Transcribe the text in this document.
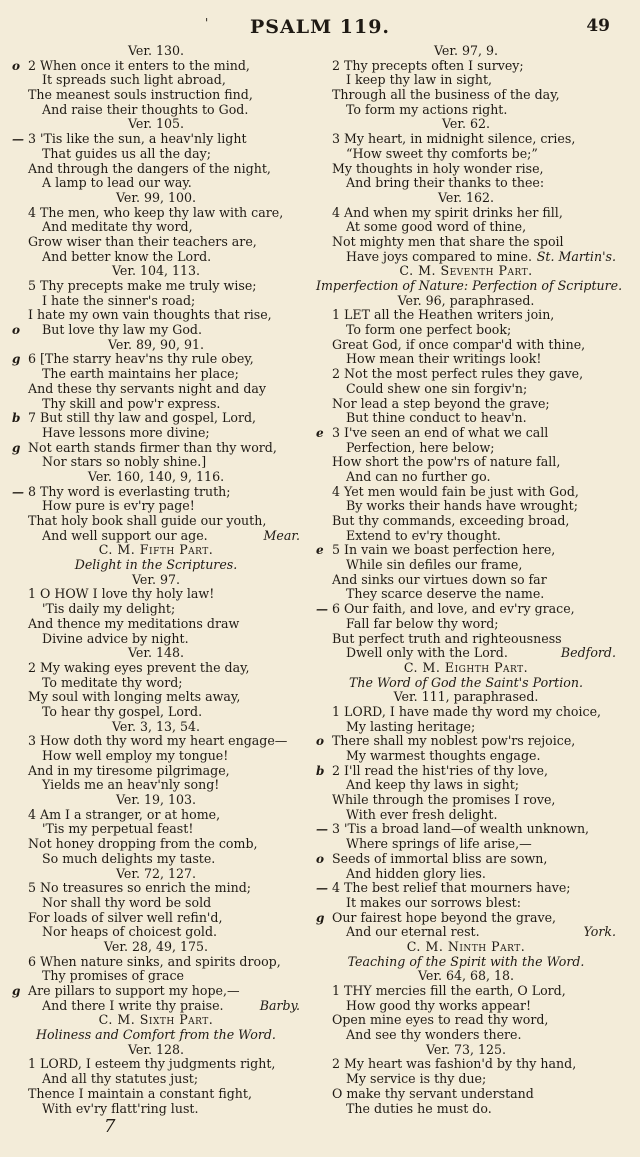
' PSALM 119.	49
Ver. 130.
o 2 When once it enters to the mind,
It spreads such light abroad,
The meanest souls instruction find,
And raise their thoughts to God.
Ver. 105.
— 3 'Tis like the sun, a heav'nly light
That guides us all the day;
And through the dangers of the night,
A lamp to lead our way.
Ver. 99, 100.
4 The men, who keep thy law with care,
And meditate thy word,
Grow wiser than their teachers are,
And better know the Lord.
Ver. 104, 113.
5 Thy precepts make me truly wise;
I hate the sinner's road;
I hate my own vain thoughts that rise,
o	But love thy law my God.
Ver. 89, 90, 91.
g 6 [The starry heav'ns thy rule obey,
The earth maintains her place;
And these thy servants night and day
Thy skill and pow'r express.
b 7 But still thy law and gospel, Lord,
Have lessons more divine;
g Not earth stands firmer than thy word,
Nor stars so nobly shine.]
Ver. 160, 140, 9, 116.
— 8 Thy word is everlasting truth;
How pure is ev'ry page!
That holy book shall guide our youth,
And well support our age.	Mear.
C. M. Fifth Part.
Delight in the Scriptures.
Ver. 97.
1 O HOW I love thy holy law!
'Tis daily my delight;
And thence my meditations draw
Divine advice by night.
Ver. 148.
2 My waking eyes prevent the day,
To meditate thy word;
My soul with longing melts away,
To hear thy gospel, Lord.
Ver. 3, 13, 54.
3 How doth thy word my heart engage—
How well employ my tongue!
And in my tiresome pilgrimage,
Yields me an heav'nly song!
Ver. 19, 103.
4 Am I a stranger, or at home,
'Tis my perpetual feast!
Not honey dropping from the comb,
So much delights my taste.
Ver. 72, 127.
5 No treasures so enrich the mind;
Nor shall thy word be sold
For loads of silver well refin'd,
Nor heaps of choicest gold.
Ver. 28, 49, 175.
6 When nature sinks, and spirits droop,
Thy promises of grace
g Are pillars to support my hope,—
And there I write thy praise.	Barby.
C. M. Sixth Part.
Holiness and Comfort from the Word.
Ver. 128.
1 LORD, I esteem thy judgments right,
And all thy statutes just;
Thence I maintain a constant fight,
With ev'ry flatt'ring lust.
Ver. 97, 9.
2 Thy precepts often I survey;
I keep thy law in sight,
Through all the business of the day,
To form my actions right.
Ver. 62.
3 My heart, in midnight silence, cries,
“How sweet thy comforts be;”
My thoughts in holy wonder rise,
And bring their thanks to thee:
Ver. 162.
4 And when my spirit drinks her fill,
At some good word of thine,
Not mighty men that share the spoil
Have joys compared to mine. St. Martin's.
C. M. Seventh Part.
Imperfection of Nature: Perfection of Scripture.
Ver. 96, paraphrased.
1 LET all the Heathen writers join,
To form one perfect book;
Great God, if once compar'd with thine,
How mean their writings look!
2 Not the most perfect rules they gave,
Could shew one sin forgiv'n;
Nor lead a step beyond the grave;
But thine conduct to heav'n.
e 3 I've seen an end of what we call
Perfection, here below;
How short the pow'rs of nature fall,
And can no further go.
4 Yet men would fain be just with God,
By works their hands have wrought;
But thy commands, exceeding broad,
Extend to ev'ry thought.
e 5 In vain we boast perfection here,
While sin defiles our frame,
And sinks our virtues down so far
They scarce deserve the name.
— 6 Our faith, and love, and ev'ry grace,
Fall far below thy word;
But perfect truth and righteousness
Dwell only with the Lord.	Bedford.
C. M. Eighth Part.
The Word of God the Saint's Portion.
Ver. 111, paraphrased.
1 LORD, I have made thy word my choice,
My lasting heritage;
o There shall my noblest pow'rs rejoice,
My warmest thoughts engage.
b 2 I'll read the hist'ries of thy love,
And keep thy laws in sight;
While through the promises I rove,
With ever fresh delight.
— 3 'Tis a broad land—of wealth unknown,
Where springs of life arise,—
o Seeds of immortal bliss are sown,
And hidden glory lies.
— 4 The best relief that mourners have;
It makes our sorrows blest:
g Our fairest hope beyond the grave,
And our eternal rest.	York.
C. M. Ninth Part.
Teaching of the Spirit with the Word.
Ver. 64, 68, 18.
1 THY mercies fill the earth, O Lord,
How good thy works appear!
Open mine eyes to read thy word,
And see thy wonders there.
Ver. 73, 125.
2 My heart was fashion'd by thy hand,
My service is thy due;
O make thy servant understand
The duties he must do.
7
